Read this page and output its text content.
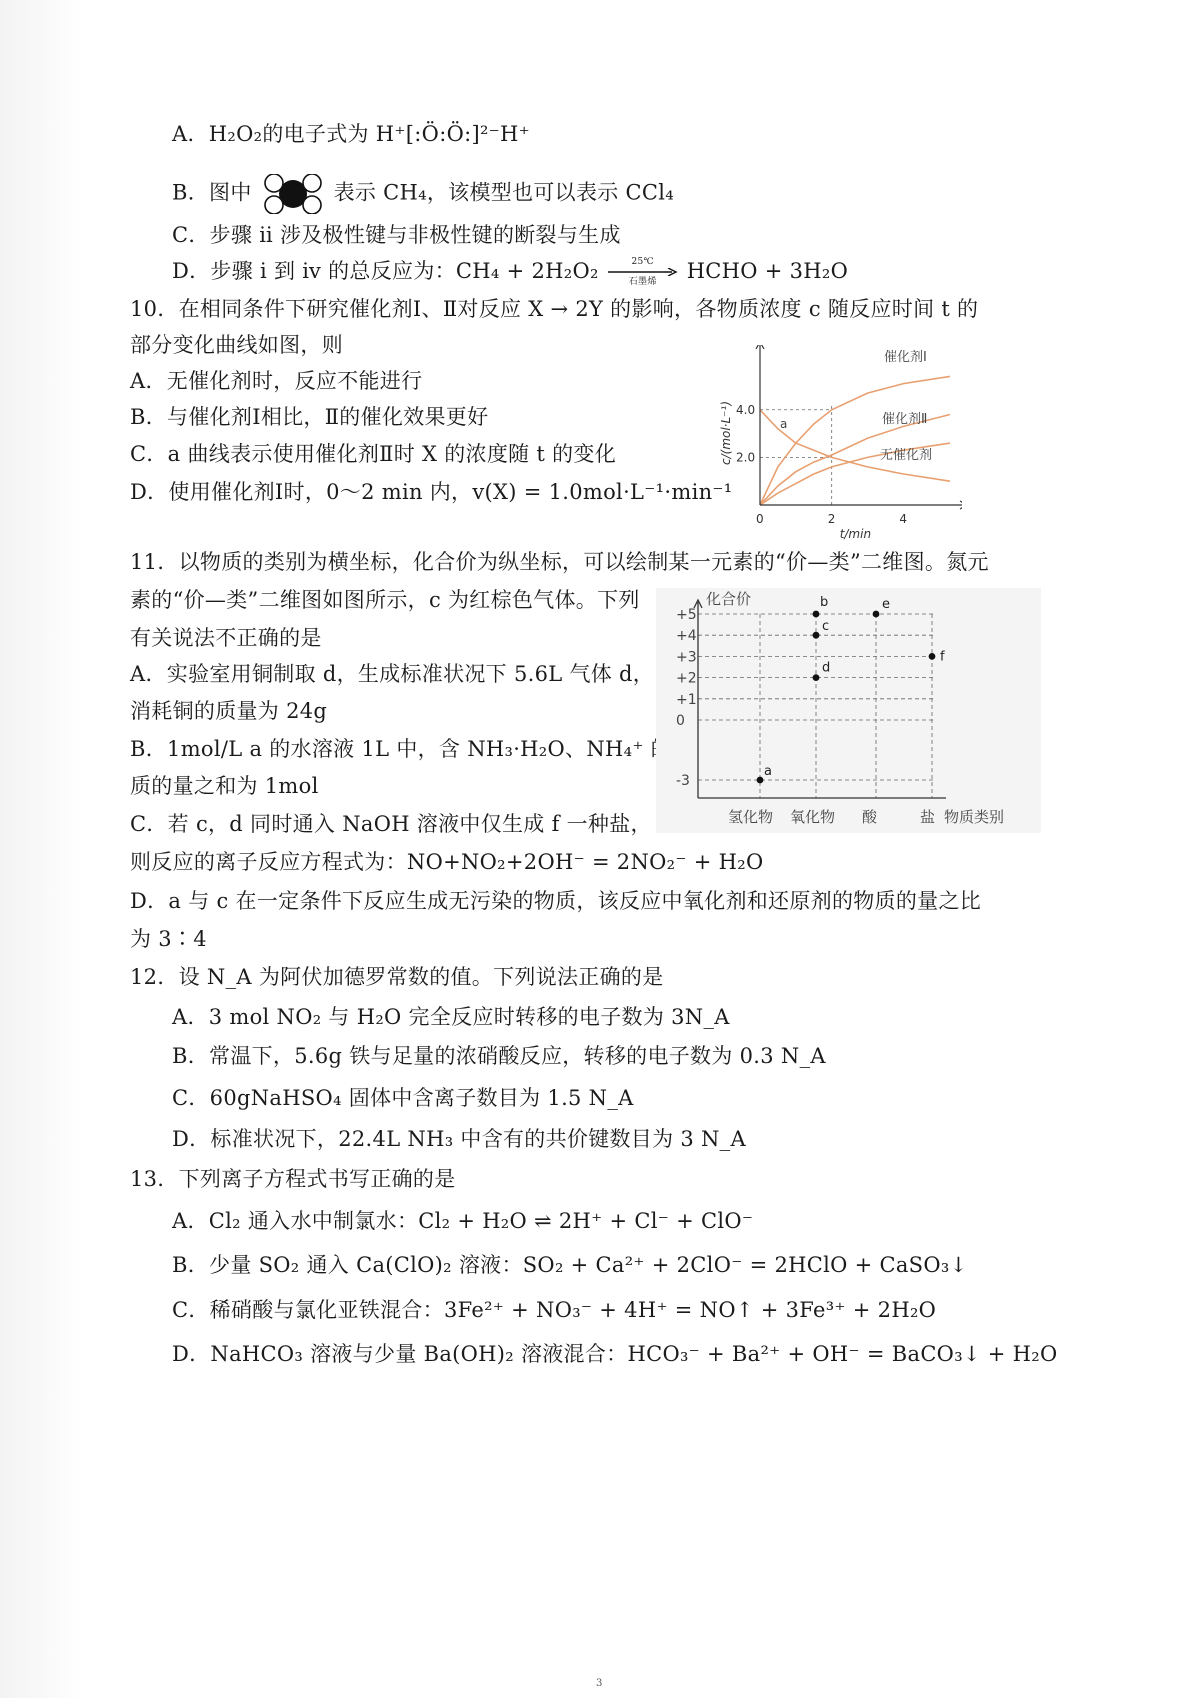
A．H₂O₂的电子式为 H⁺[:Ö:Ö:]²⁻H⁺
B．图中	表示 CH₄，该模型也可以表示 CCl₄
C．步骤 ⅱ 涉及极性键与非极性键的断裂与生成
D．步骤 ⅰ 到 ⅳ 的总反应为：CH₄ + 2H₂O₂	25℃
石墨烯	HCHO + 3H₂O
10．在相同条件下研究催化剂Ⅰ、Ⅱ对反应 X → 2Y 的影响，各物质浓度 c 随反应时间 t 的
部分变化曲线如图，则
A．无催化剂时，反应不能进行
B．与催化剂Ⅰ相比，Ⅱ的催化效果更好
C．a 曲线表示使用催化剂Ⅱ时 X 的浓度随 t 的变化
D．使用催化剂Ⅰ时，0～2 min 内，v(X) = 1.0mol·L⁻¹·min⁻¹
催化剂Ⅰ
催化剂Ⅱ
无催化剂
a
2.0
4.0
0	2	4
t/min
c/(mol·L⁻¹)
11．以物质的类别为横坐标，化合价为纵坐标，可以绘制某一元素的“价—类”二维图。氮元
素的“价—类”二维图如图所示，c 为红棕色气体。下列
有关说法不正确的是
A．实验室用铜制取 d，生成标准状况下 5.6L 气体 d，
消耗铜的质量为 24g
B．1mol/L a 的水溶液 1L 中，含 NH₃·H₂O、NH₄⁺ 的物
质的量之和为 1mol
C．若 c，d 同时通入 NaOH 溶液中仅生成 f 一种盐，
则反应的离子反应方程式为：NO+NO₂+2OH⁻ = 2NO₂⁻ + H₂O
D．a 与 c 在一定条件下反应生成无污染的物质，该反应中氧化剂和还原剂的物质的量之比
为 3∶4
+5
+4
+3
+2
+1
0
-3
氢化物 氧化物 酸	盐 物质类别
化合价
a
b
c
d
e
f
12．设 N_A 为阿伏加德罗常数的值。下列说法正确的是
A．3 mol NO₂ 与 H₂O 完全反应时转移的电子数为 3N_A
B．常温下，5.6g 铁与足量的浓硝酸反应，转移的电子数为 0.3 N_A
C．60gNaHSO₄ 固体中含离子数目为 1.5 N_A
D．标准状况下，22.4L NH₃ 中含有的共价键数目为 3 N_A
13．下列离子方程式书写正确的是
A．Cl₂ 通入水中制氯水：Cl₂ + H₂O ⇌ 2H⁺ + Cl⁻ + ClO⁻
B．少量 SO₂ 通入 Ca(ClO)₂ 溶液：SO₂ + Ca²⁺ + 2ClO⁻ = 2HClO + CaSO₃↓
C．稀硝酸与氯化亚铁混合：3Fe²⁺ + NO₃⁻ + 4H⁺ = NO↑ + 3Fe³⁺ + 2H₂O
D．NaHCO₃ 溶液与少量 Ba(OH)₂ 溶液混合：HCO₃⁻ + Ba²⁺ + OH⁻ = BaCO₃↓ + H₂O
3
